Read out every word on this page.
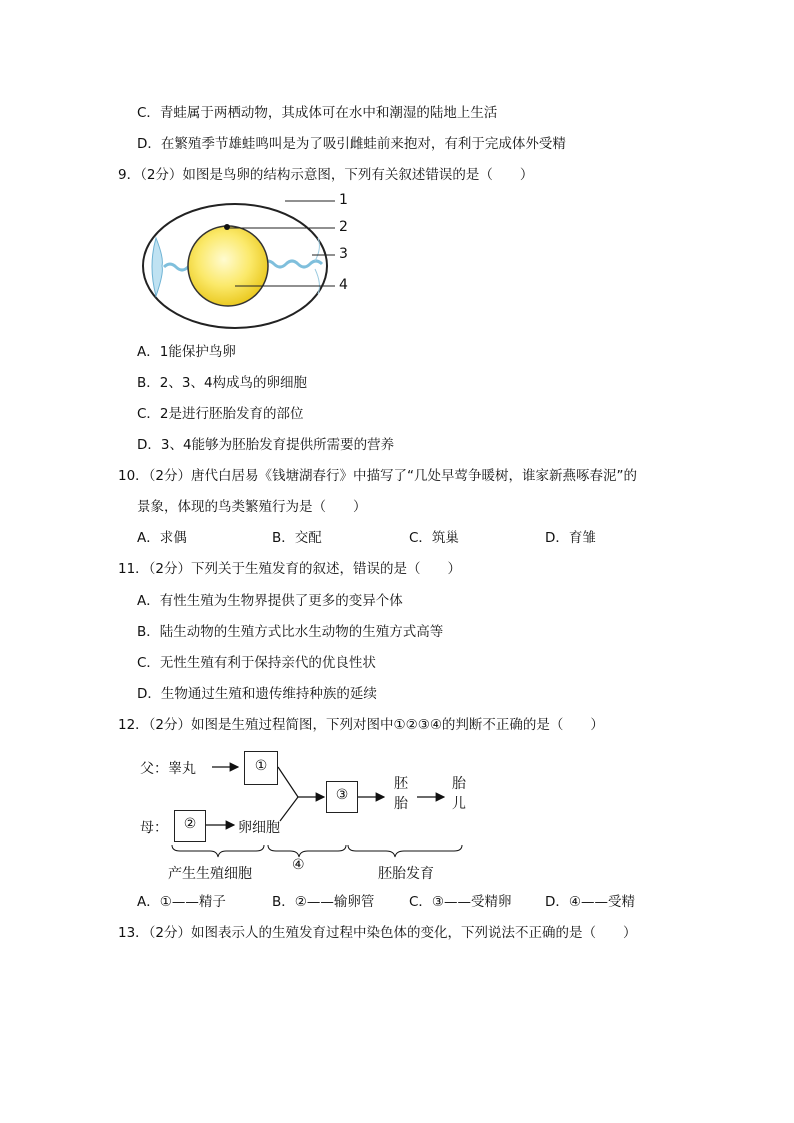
C．青蛙属于两栖动物，其成体可在水中和潮湿的陆地上生活
D．在繁殖季节雄蛙鸣叫是为了吸引雌蛙前来抱对，有利于完成体外受精
9．（2分）如图是鸟卵的结构示意图，下列有关叙述错误的是（　　）
1
2
3
4
A．1能保护鸟卵
B．2、3、4构成鸟的卵细胞
C．2是进行胚胎发育的部位
D．3、4能够为胚胎发育提供所需要的营养
10．（2分）唐代白居易《钱塘湖春行》中描写了“几处早莺争暖树，谁家新燕啄春泥”的
景象，体现的鸟类繁殖行为是（　　）
A．求偶	B．交配	C．筑巢	D．育雏
11．（2分）下列关于生殖发育的叙述，错误的是（　　）
A．有性生殖为生物界提供了更多的变异个体
B．陆生动物的生殖方式比水生动物的生殖方式高等
C．无性生殖有利于保持亲代的优良性状
D．生物通过生殖和遗传维持种族的延续
12．（2分）如图是生殖过程简图，下列对图中①②③④的判断不正确的是（　　）
父：睾丸	①
母：	②	卵细胞
③
胚
胎
胎
儿
产生生殖细胞
④
胚胎发育
A．①——精子	B．②——输卵管	C．③——受精卵 D．④——受精
13．（2分）如图表示人的生殖发育过程中染色体的变化，下列说法不正确的是（　　）
